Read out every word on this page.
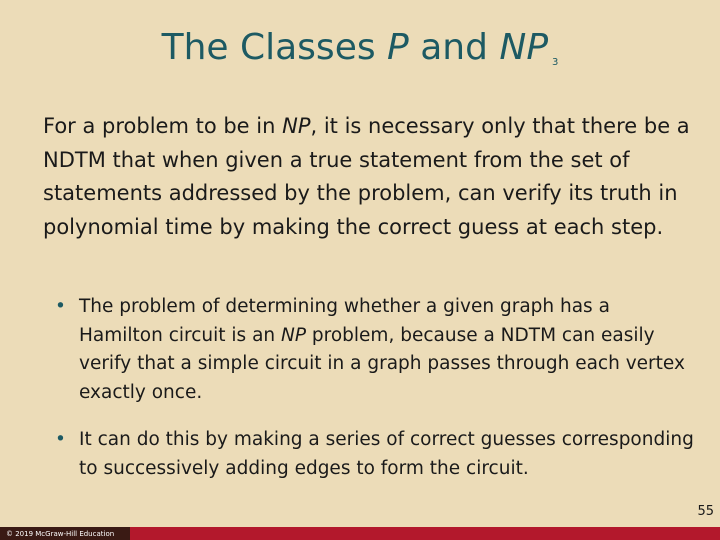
The Classes P and NP 3
For a problem to be in NP, it is necessary only that there be a NDTM that when given a true statement from the set of statements addressed by the problem, can verify its truth in polynomial time by making the correct guess at each step.
• The problem of determining whether a given graph has a Hamilton circuit is an NP problem, because a NDTM can easily verify that a simple circuit in a graph passes through each vertex exactly once.
• It can do this by making a series of correct guesses corresponding to successively adding edges to form the circuit.
55
© 2019 McGraw-Hill Education
